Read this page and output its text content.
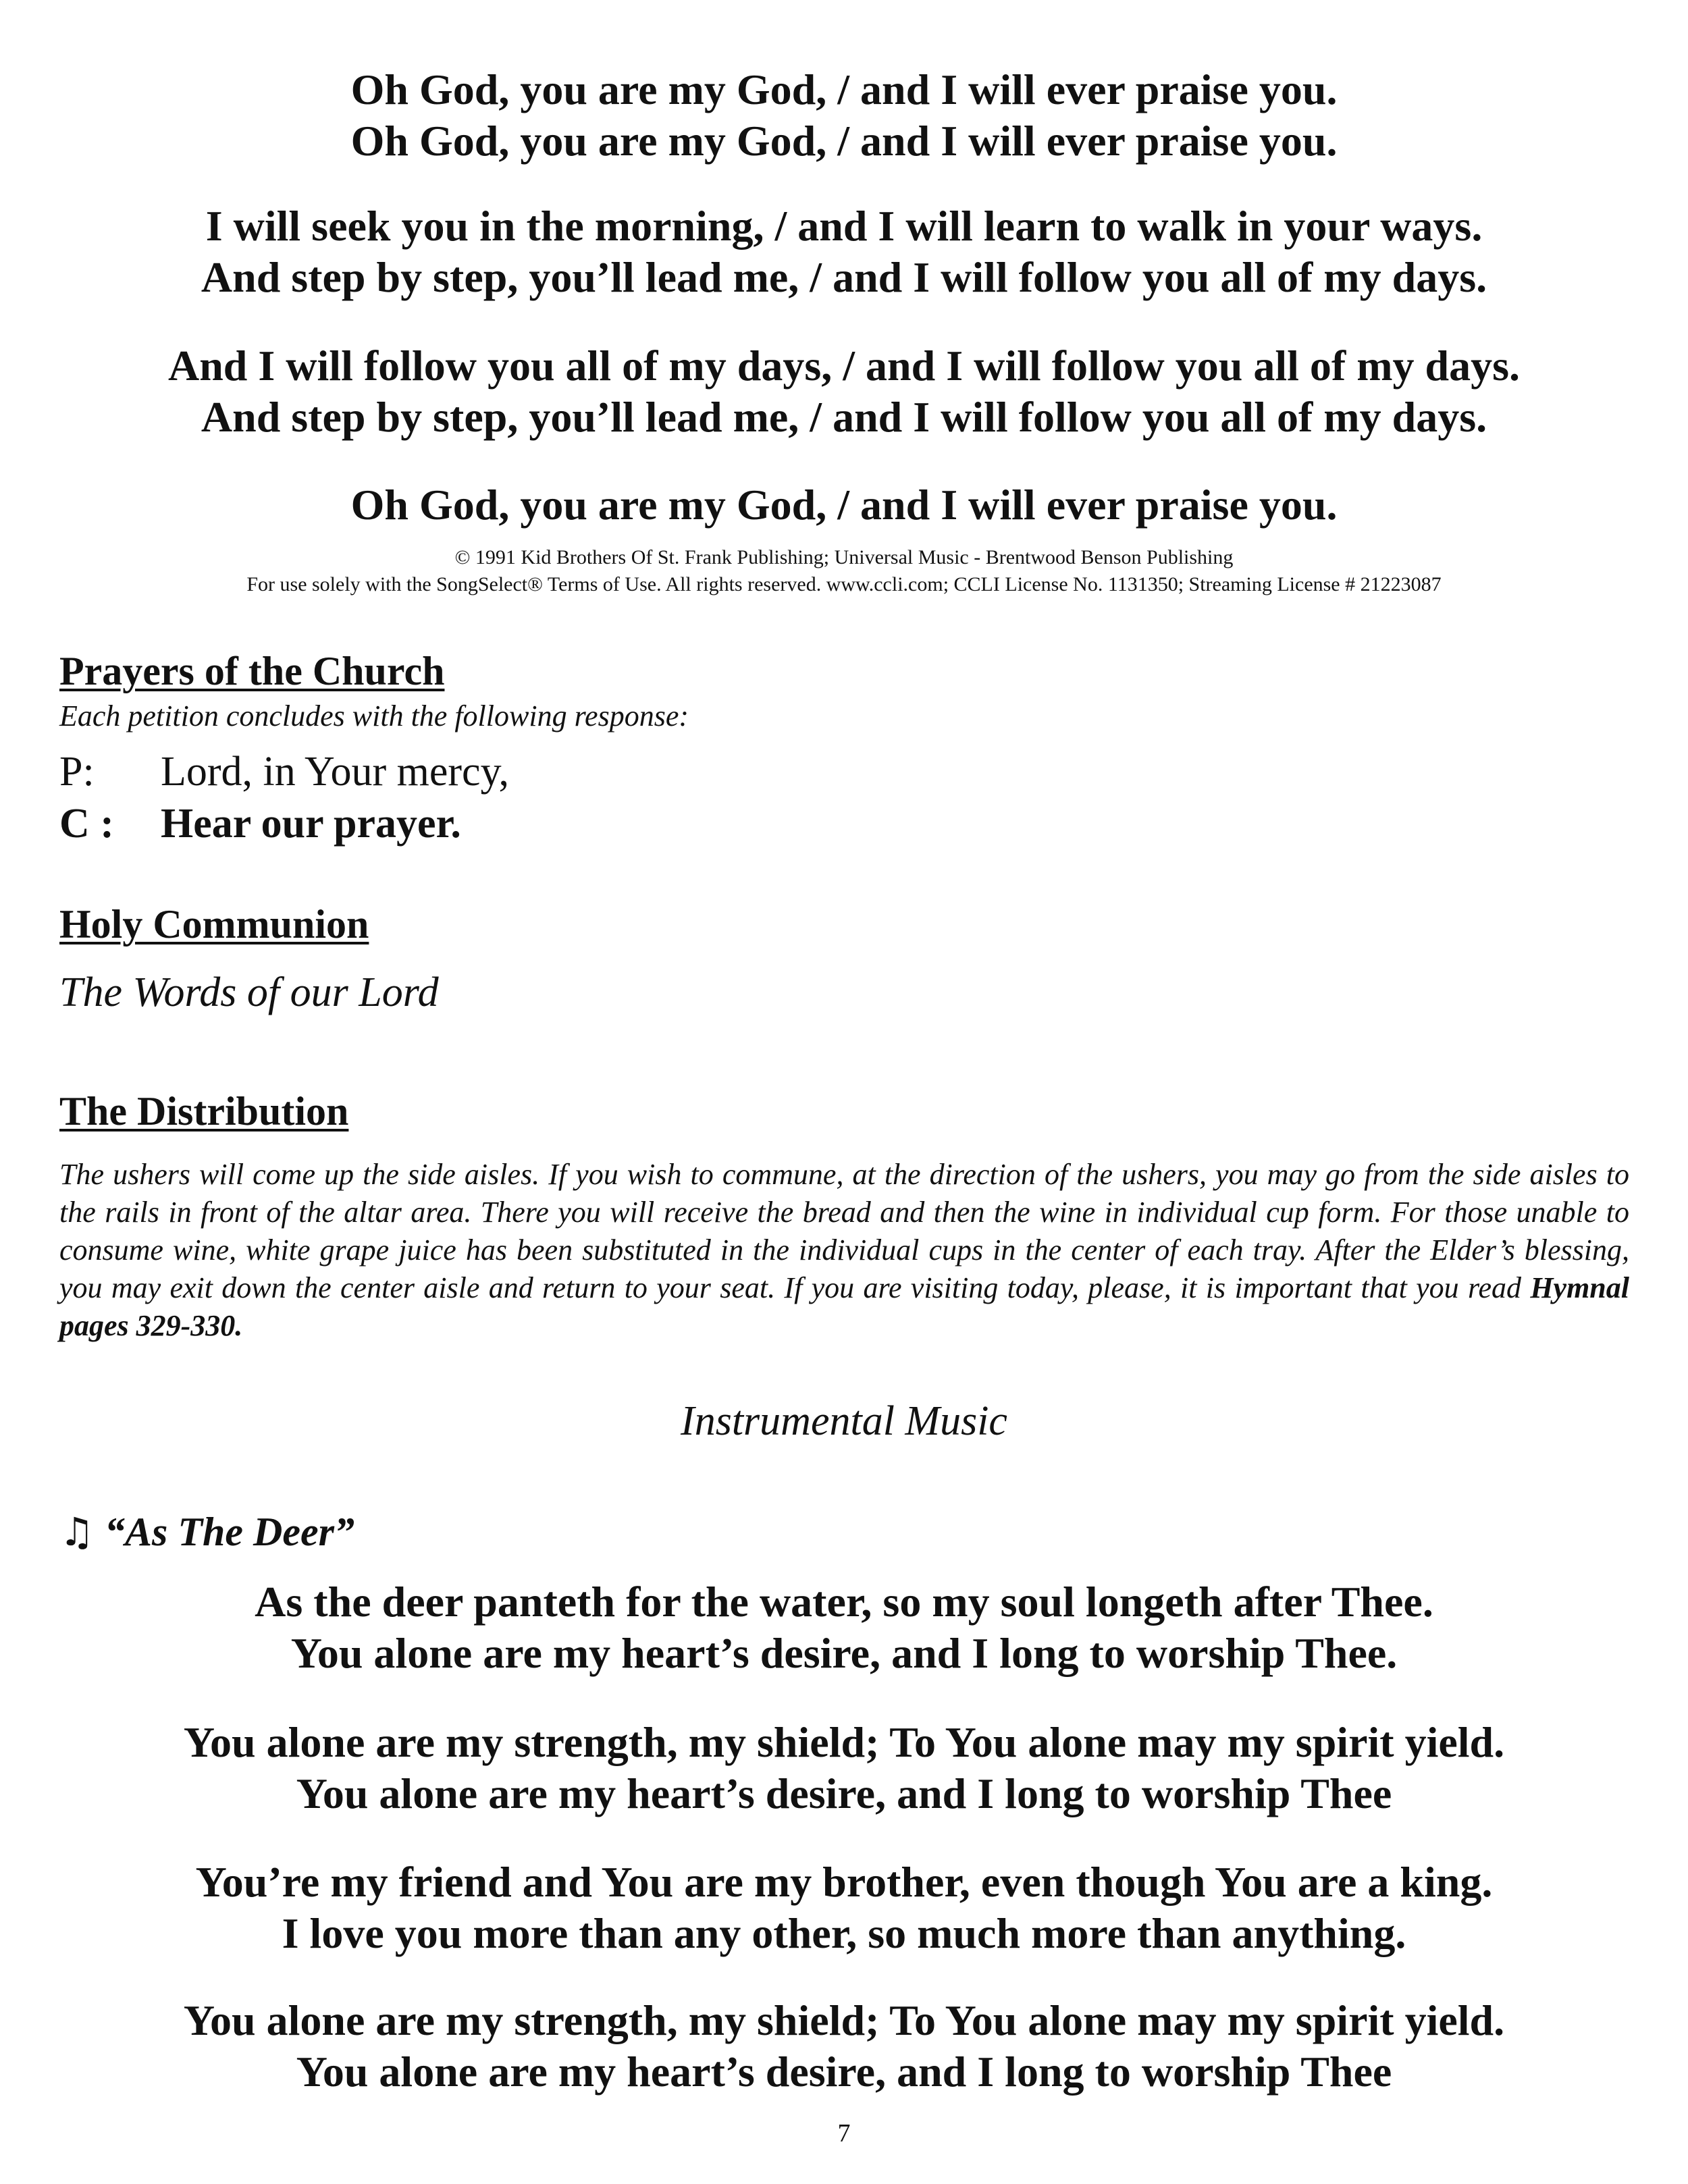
Oh God, you are my God, / and I will ever praise you.
Oh God, you are my God, / and I will ever praise you.
I will seek you in the morning, / and I will learn to walk in your ways.
And step by step, you’ll lead me, / and I will follow you all of my days.
And I will follow you all of my days, / and I will follow you all of my days.
And step by step, you’ll lead me, / and I will follow you all of my days.
Oh God, you are my God, / and I will ever praise you.
© 1991 Kid Brothers Of St. Frank Publishing; Universal Music - Brentwood Benson Publishing
For use solely with the SongSelect® Terms of Use. All rights reserved. www.ccli.com; CCLI License No. 1131350; Streaming License # 21223087
Prayers of the Church
Each petition concludes with the following response:
P: Lord, in Your mercy,
C : Hear our prayer.
Holy Communion
The Words of our Lord
The Distribution
The ushers will come up the side aisles. If you wish to commune, at the direction of the ushers, you may go from the side aisles to the rails in front of the altar area. There you will receive the bread and then the wine in individual cup form. For those unable to consume wine, white grape juice has been substituted in the individual cups in the center of each tray. After the Elder’s blessing, you may exit down the center aisle and return to your seat. If you are visiting today, please, it is important that you read Hymnal pages 329-330.
Instrumental Music
♫ “As The Deer”
As the deer panteth for the water, so my soul longeth after Thee.
You alone are my heart’s desire, and I long to worship Thee.
You alone are my strength, my shield; To You alone may my spirit yield.
You alone are my heart’s desire, and I long to worship Thee
You’re my friend and You are my brother, even though You are a king.
I love you more than any other, so much more than anything.
You alone are my strength, my shield; To You alone may my spirit yield.
You alone are my heart’s desire, and I long to worship Thee
7
